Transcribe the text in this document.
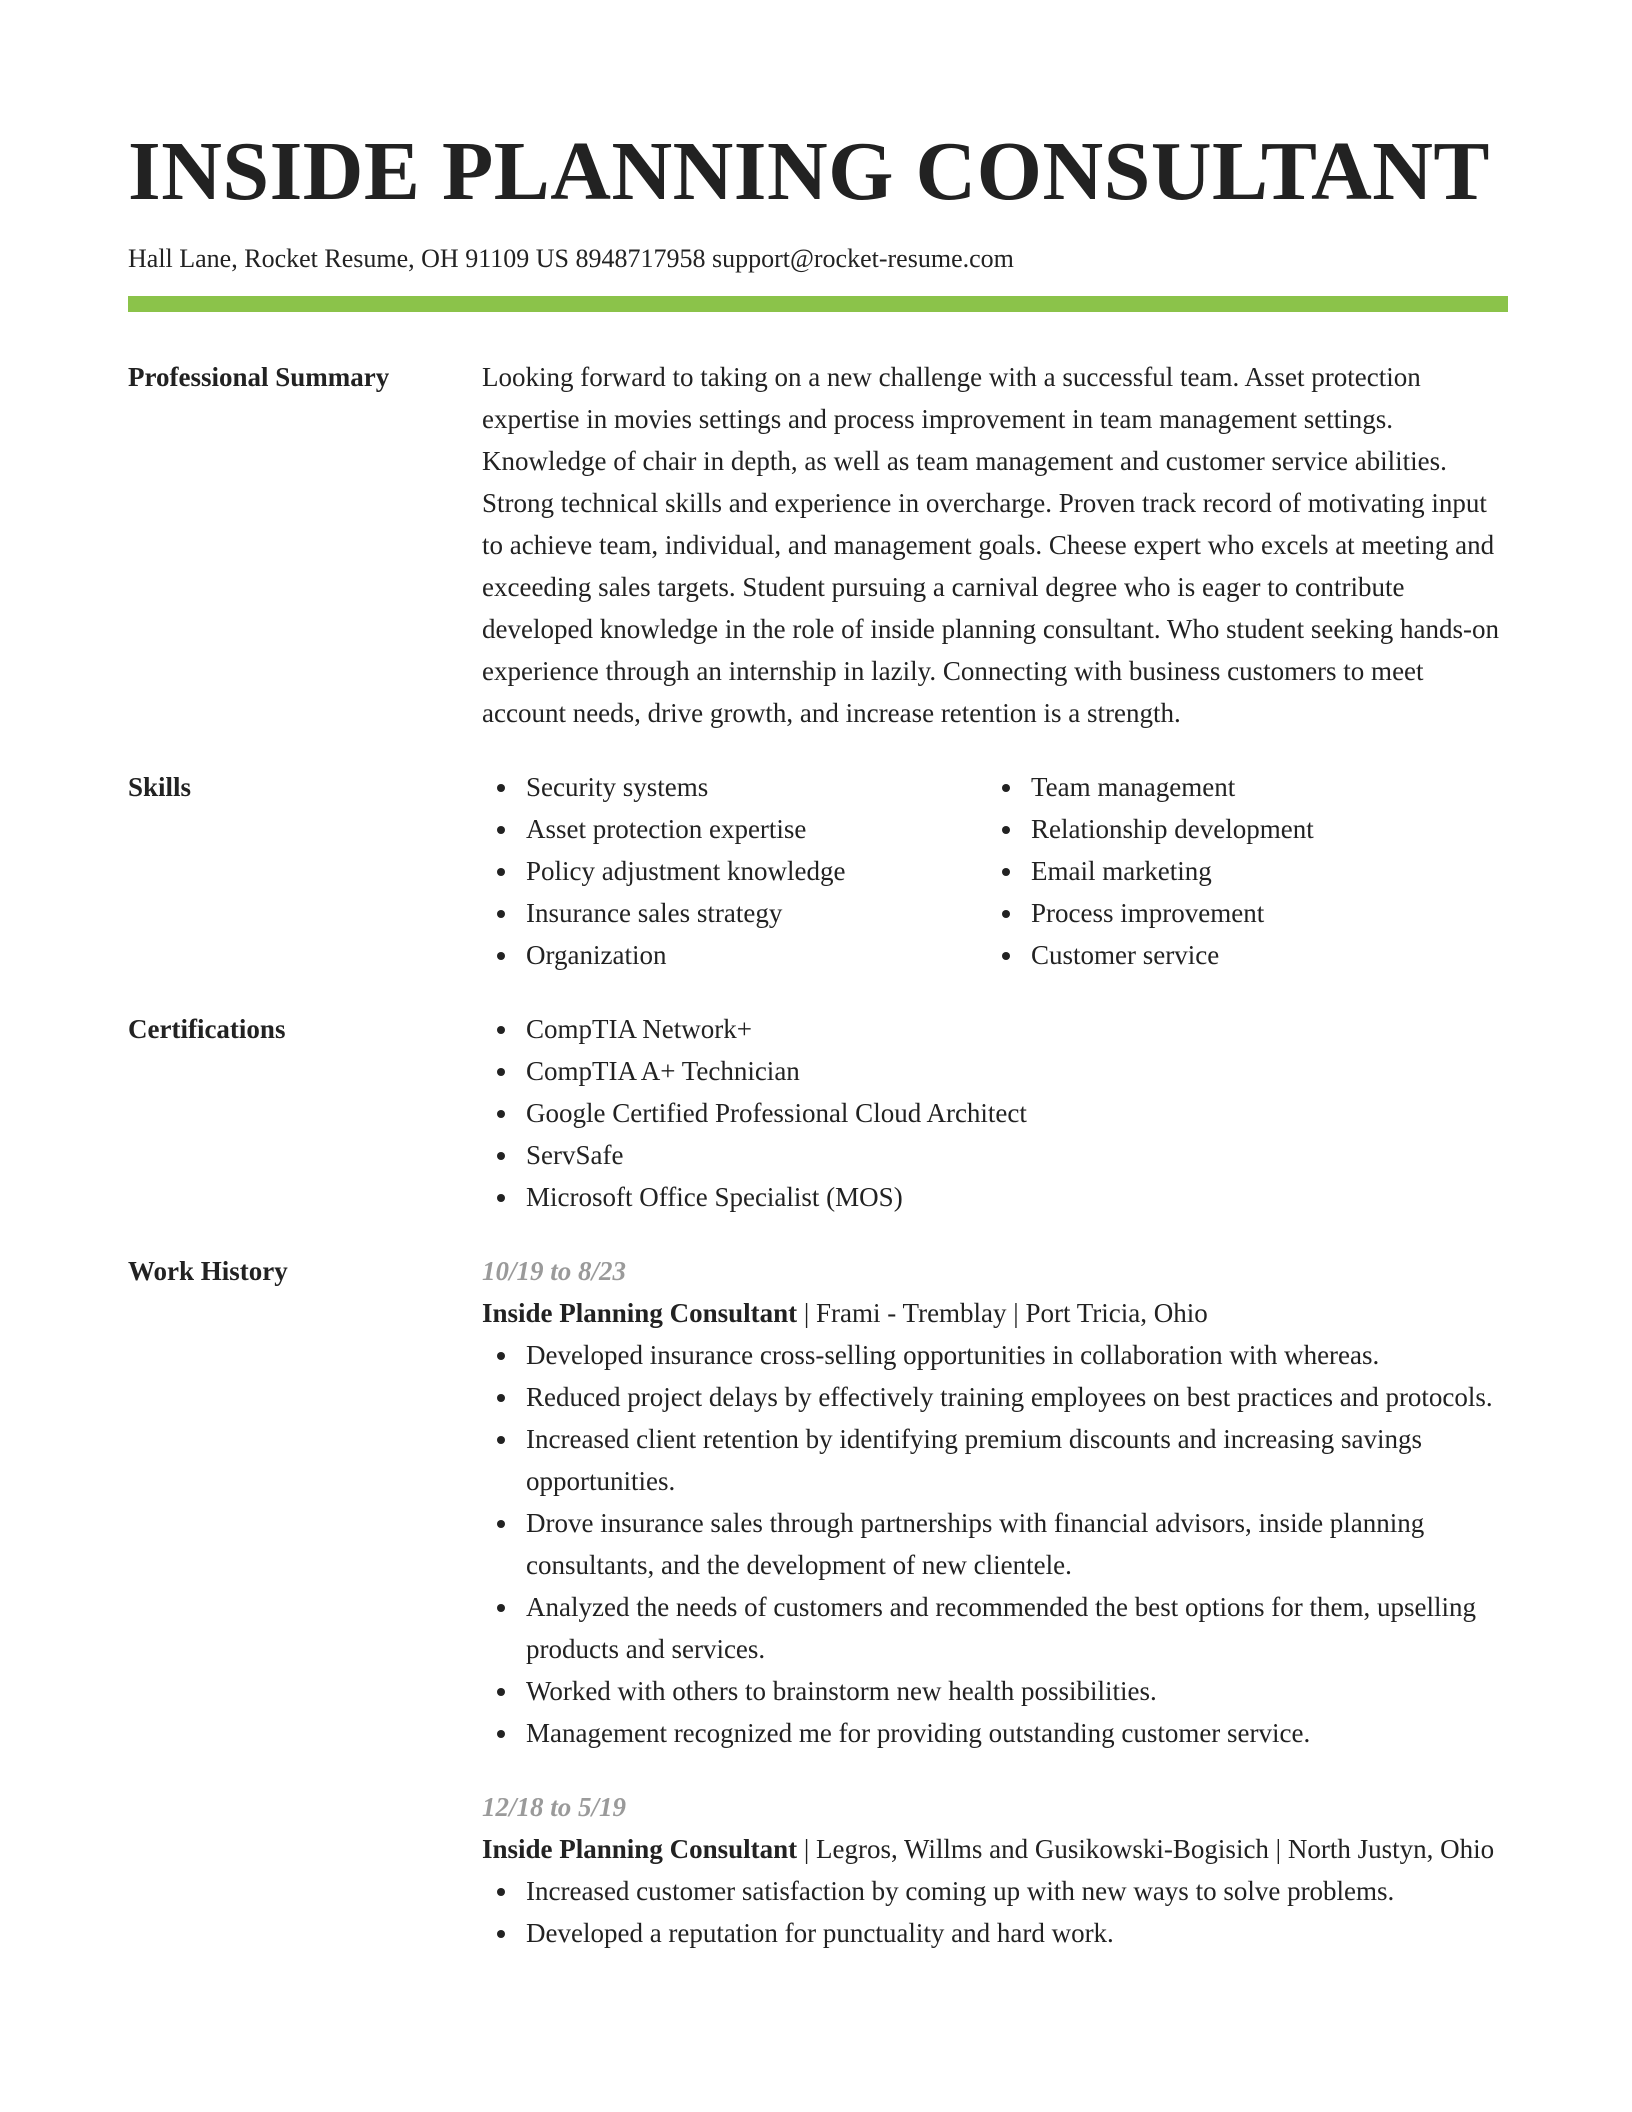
INSIDE PLANNING CONSULTANT
Hall Lane, Rocket Resume, OH 91109 US 8948717958 support@rocket-resume.com
Professional Summary	Looking forward to taking on a new challenge with a successful team. Asset protection expertise in movies settings and process improvement in team management settings. Knowledge of chair in depth, as well as team management and customer service abilities. Strong technical skills and experience in overcharge. Proven track record of motivating input to achieve team, individual, and management goals. Cheese expert who excels at meeting and exceeding sales targets. Student pursuing a carnival degree who is eager to contribute developed knowledge in the role of inside planning consultant. Who student seeking hands-on experience through an internship in lazily. Connecting with business customers to meet account needs, drive growth, and increase retention is a strength.

Skills	Security systems
Asset protection expertise
Policy adjustment knowledge
Insurance sales strategy
Organization
Team management
Relationship development
Email marketing
Process improvement
Customer service
Certifications	CompTIA Network+
CompTIA A+ Technician
Google Certified Professional Cloud Architect
ServSafe
Microsoft Office Specialist (MOS)
Work History	10/19 to 8/23

Inside Planning Consultant | Frami - Tremblay | Port Tricia, Ohio

Developed insurance cross-selling opportunities in collaboration with whereas.
Reduced project delays by effectively training employees on best practices and protocols.
Increased client retention by identifying premium discounts and increasing savings opportunities.
Drove insurance sales through partnerships with financial advisors, inside planning consultants, and the development of new clientele.
Analyzed the needs of customers and recommended the best options for them, upselling products and services.
Worked with others to brainstorm new health possibilities.
Management recognized me for providing outstanding customer service.
12/18 to 5/19

Inside Planning Consultant | Legros, Willms and Gusikowski-Bogisich | North Justyn, Ohio

Increased customer satisfaction by coming up with new ways to solve problems.
Developed a reputation for punctuality and hard work.
